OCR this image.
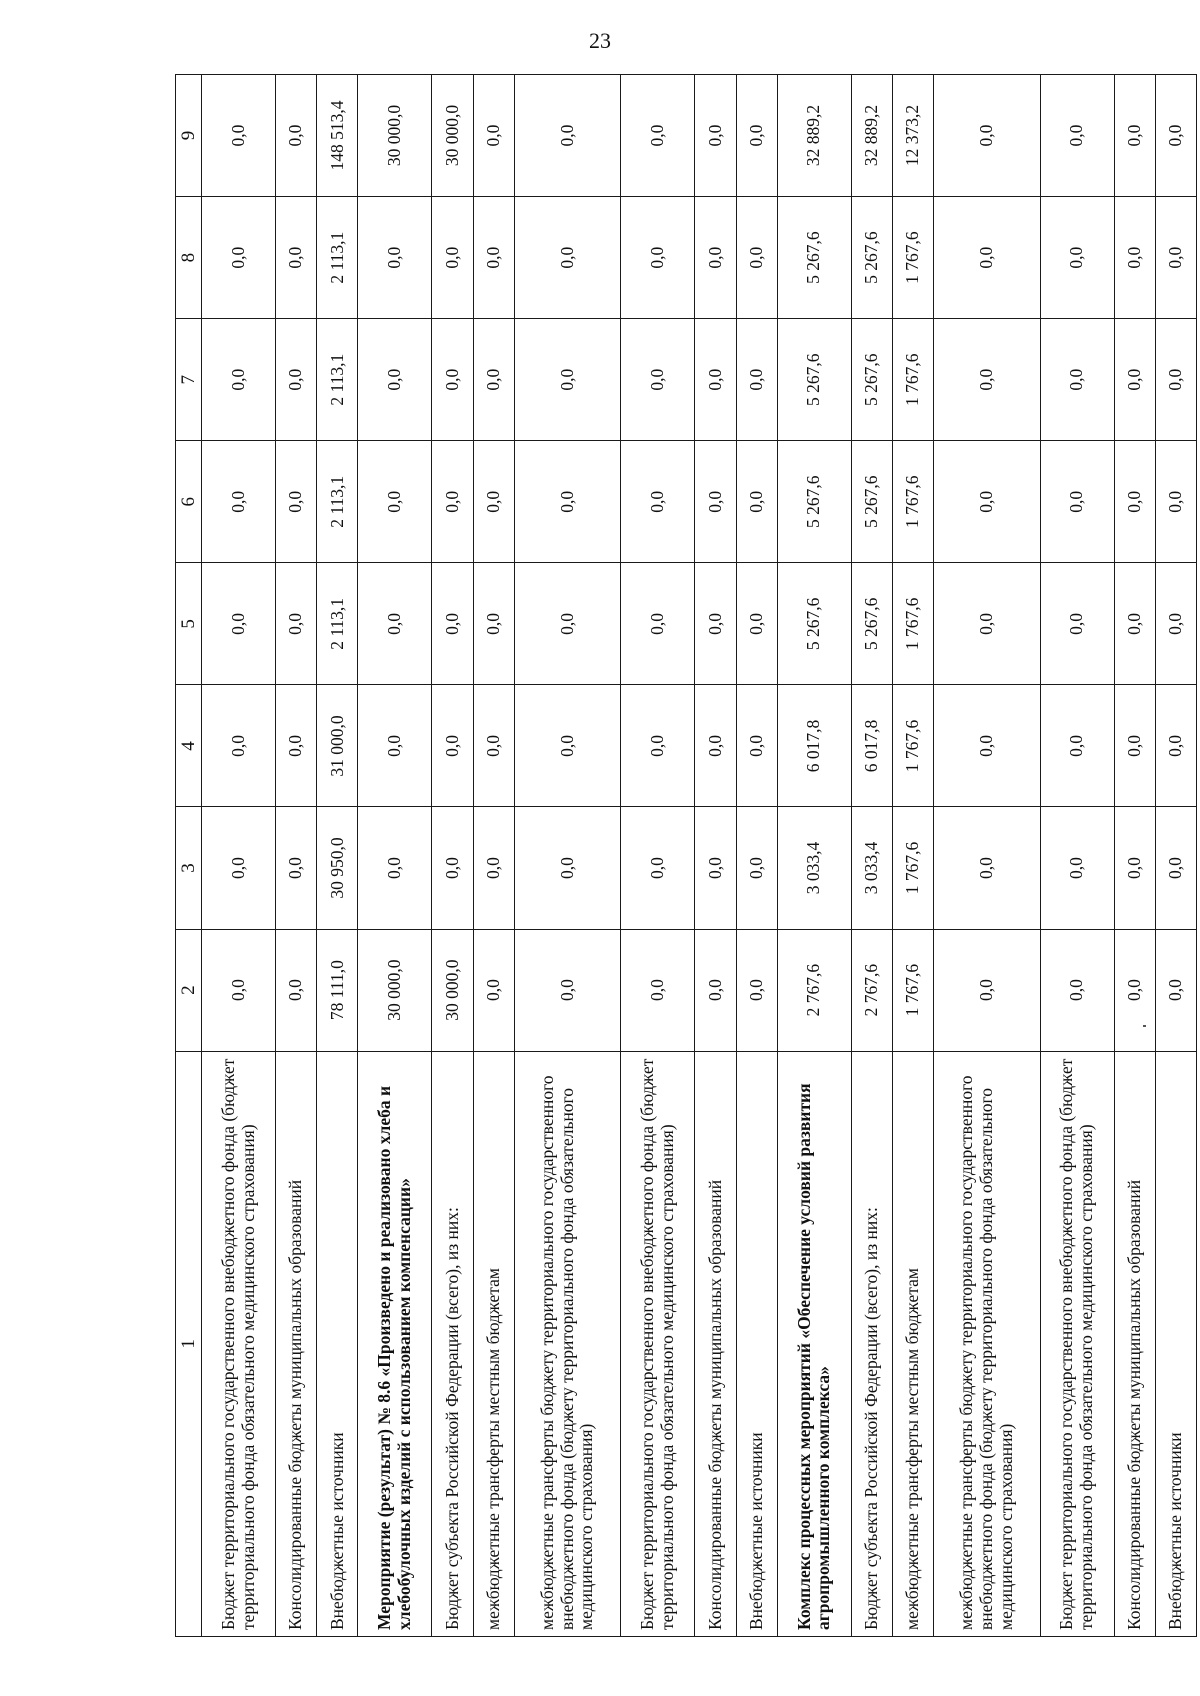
23
1	2	3	4	5	6	7	8	9
Бюджет территориального государственного внебюджетного фонда (бюджет территориального фонда обязательного медицинского страхования)	0,0	0,0	0,0	0,0	0,0	0,0	0,0	0,0
Консолидированные бюджеты муниципальных образований	0,0	0,0	0,0	0,0	0,0	0,0	0,0	0,0
Внебюджетные источники	78 111,0	30 950,0	31 000,0	2 113,1	2 113,1	2 113,1	2 113,1	148 513,4
Мероприятие (результат) № 8.6 «Произведено и реализовано хлеба и хлебобулочных изделий с использованием компенсации»	30 000,0	0,0	0,0	0,0	0,0	0,0	0,0	30 000,0
Бюджет субъекта Российской Федерации (всего), из них:	30 000,0	0,0	0,0	0,0	0,0	0,0	0,0	30 000,0
межбюджетные трансферты местным бюджетам	0,0	0,0	0,0	0,0	0,0	0,0	0,0	0,0
межбюджетные трансферты бюджету территориального государственного внебюджетного фонда (бюджету территориального фонда обязательного медицинского страхования)	0,0	0,0	0,0	0,0	0,0	0,0	0,0	0,0
Бюджет территориального государственного внебюджетного фонда (бюджет территориального фонда обязательного медицинского страхования)	0,0	0,0	0,0	0,0	0,0	0,0	0,0	0,0
Консолидированные бюджеты муниципальных образований	0,0	0,0	0,0	0,0	0,0	0,0	0,0	0,0
Внебюджетные источники	0,0	0,0	0,0	0,0	0,0	0,0	0,0	0,0
Комплекс процессных мероприятий «Обеспечение условий развития агропромышленного комплекса»	2 767,6	3 033,4	6 017,8	5 267,6	5 267,6	5 267,6	5 267,6	32 889,2
Бюджет субъекта Российской Федерации (всего), из них:	2 767,6	3 033,4	6 017,8	5 267,6	5 267,6	5 267,6	5 267,6	32 889,2
межбюджетные трансферты местным бюджетам	1 767,6	1 767,6	1 767,6	1 767,6	1 767,6	1 767,6	1 767,6	12 373,2
межбюджетные трансферты бюджету территориального государственного внебюджетного фонда (бюджету территориального фонда обязательного медицинского страхования)	0,0	0,0	0,0	0,0	0,0	0,0	0,0	0,0
Бюджет территориального государственного внебюджетного фонда (бюджет территориального фонда обязательного медицинского страхования)	0,0	0,0	0,0	0,0	0,0	0,0	0,0	0,0
Консолидированные бюджеты муниципальных образований	0,0	0,0	0,0	0,0	0,0	0,0	0,0	0,0
Внебюджетные источники	0,0	0,0	0,0	0,0	0,0	0,0	0,0	0,0
